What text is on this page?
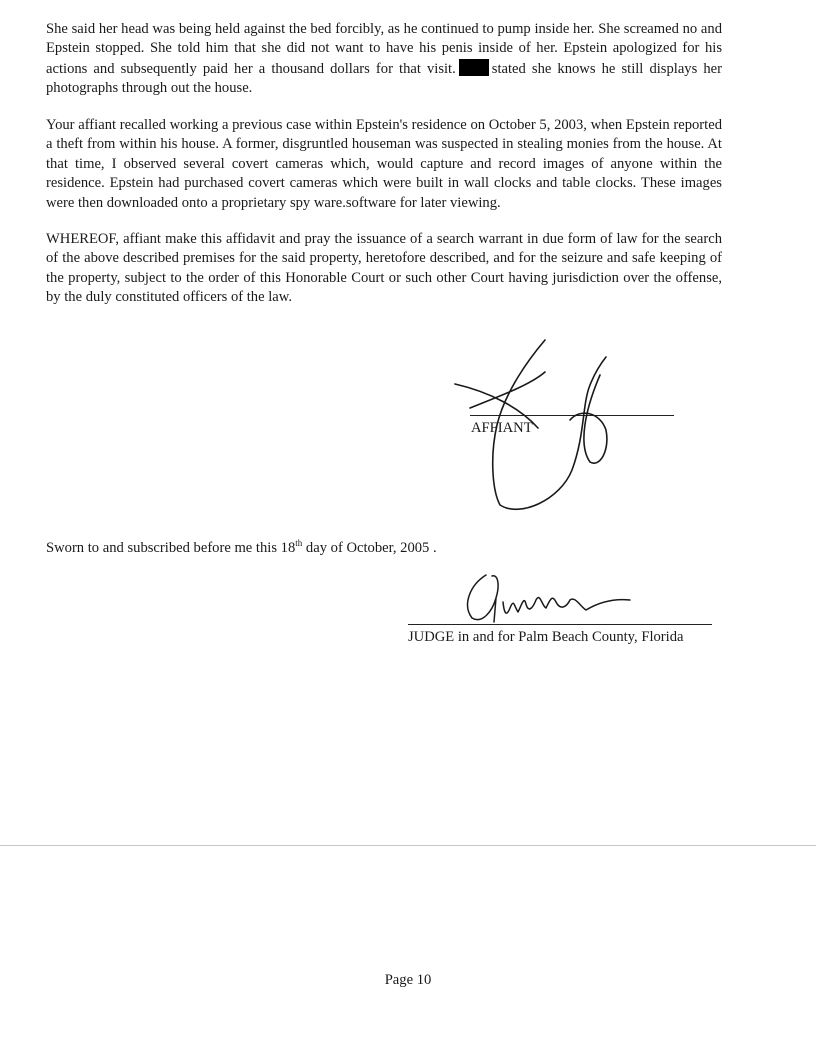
She said her head was being held against the bed forcibly, as he continued to pump inside her. She screamed no and Epstein stopped. She told him that she did not want to have his penis inside of her. Epstein apologized for his actions and subsequently paid her a thousand dollars for that visit. stated she knows he still displays her photographs through out the house.

Your affiant recalled working a previous case within Epstein's residence on October 5, 2003, when Epstein reported a theft from within his house. A former, disgruntled houseman was suspected in stealing monies from the house. At that time, I observed several covert cameras which, would capture and record images of anyone within the residence. Epstein had purchased covert cameras which were built in wall clocks and table clocks. These images were then downloaded onto a proprietary spy ware.software for later viewing.

WHEREOF, affiant make this affidavit and pray the issuance of a search warrant in due form of law for the search of the above described premises for the said property, heretofore described, and for the seizure and safe keeping of the property, subject to the order of this Honorable Court or such other Court having jurisdiction over the offense, by the duly constituted officers of the law.

AFFIANT
Sworn to and subscribed before me this 18th day of October, 2005 .
JUDGE in and for Palm Beach County, Florida
Page 10
